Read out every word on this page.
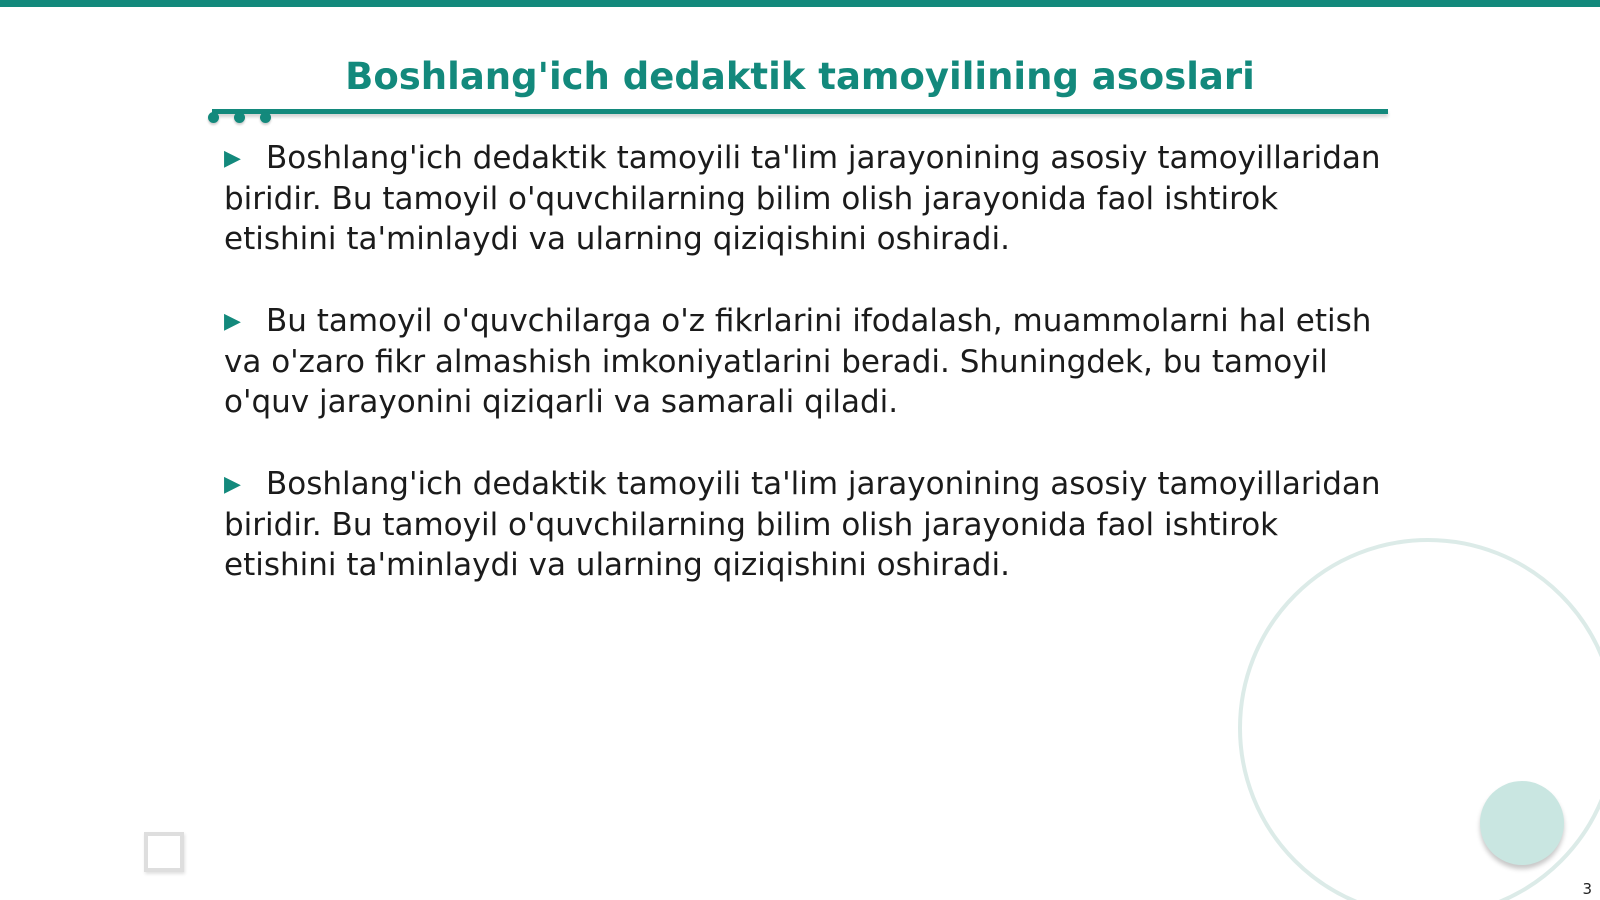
Boshlang'ich dedaktik tamoyilining asoslari

▶ Boshlang'ich dedaktik tamoyili ta'lim jarayonining asosiy tamoyillaridan biridir. Bu tamoyil o'quvchilarning bilim olish jarayonida faol ishtirok etishini ta'minlaydi va ularning qiziqishini oshiradi.

▶ Bu tamoyil o'quvchilarga o'z fikrlarini ifodalash, muammolarni hal etish va o'zaro fikr almashish imkoniyatlarini beradi. Shuningdek, bu tamoyil o'quv jarayonini qiziqarli va samarali qiladi.

▶ Boshlang'ich dedaktik tamoyili ta'lim jarayonining asosiy tamoyillaridan biridir. Bu tamoyil o'quvchilarning bilim olish jarayonida faol ishtirok etishini ta'minlaydi va ularning qiziqishini oshiradi.

3
